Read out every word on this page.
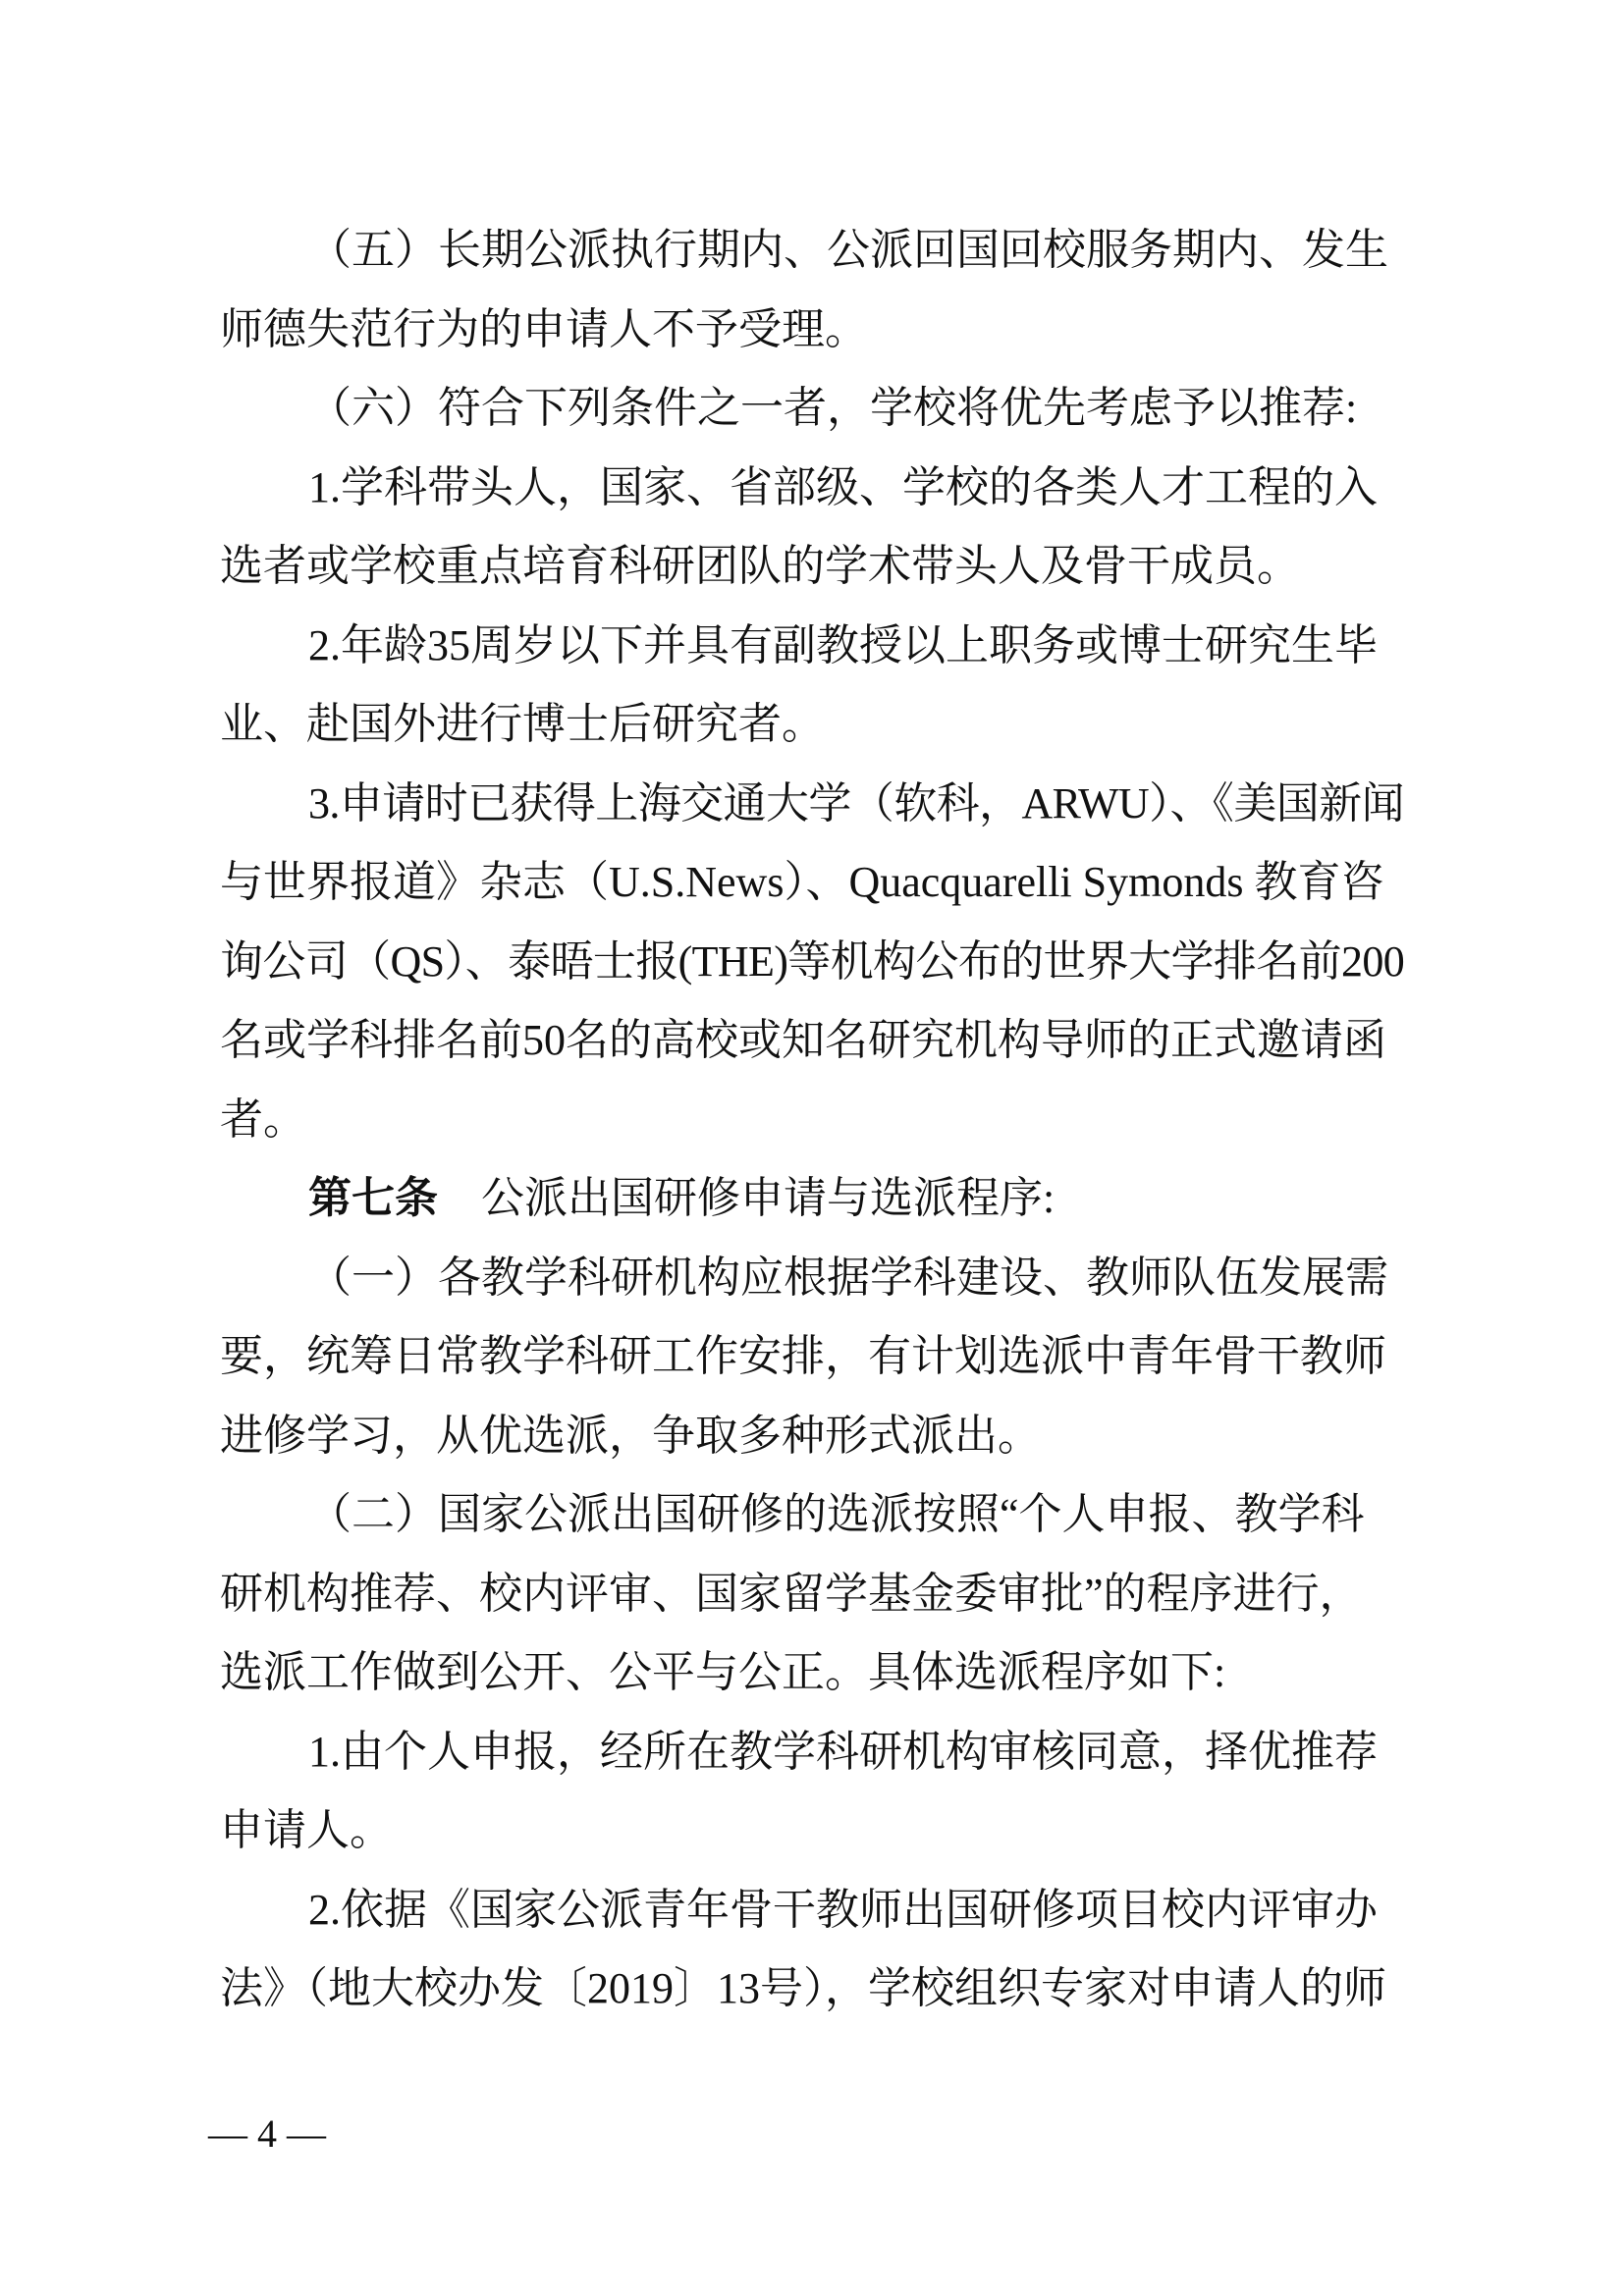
（五）长期公派执行期内、公派回国回校服务期内、发生
师德失范行为的申请人不予受理。
（六）符合下列条件之一者，学校将优先考虑予以推荐:
1.学科带头人，国家、省部级、学校的各类人才工程的入
选者或学校重点培育科研团队的学术带头人及骨干成员。
2.年龄35周岁以下并具有副教授以上职务或博士研究生毕
业、赴国外进行博士后研究者。
3.申请时已获得上海交通大学（软科，ARWU）、《美国新闻
与世界报道》杂志（U.S.News）、Quacquarelli Symonds 教育咨
询公司（QS）、泰晤士报(THE)等机构公布的世界大学排名前200
名或学科排名前50名的高校或知名研究机构导师的正式邀请函
者。
第七条　公派出国研修申请与选派程序:
（一）各教学科研机构应根据学科建设、教师队伍发展需
要，统筹日常教学科研工作安排，有计划选派中青年骨干教师
进修学习，从优选派，争取多种形式派出。
（二）国家公派出国研修的选派按照“个人申报、教学科
研机构推荐、校内评审、国家留学基金委审批”的程序进行，
选派工作做到公开、公平与公正。具体选派程序如下:
1.由个人申报，经所在教学科研机构审核同意，择优推荐
申请人。
2.依据《国家公派青年骨干教师出国研修项目校内评审办
法》（地大校办发〔2019〕13号），学校组织专家对申请人的师
— 4 —
